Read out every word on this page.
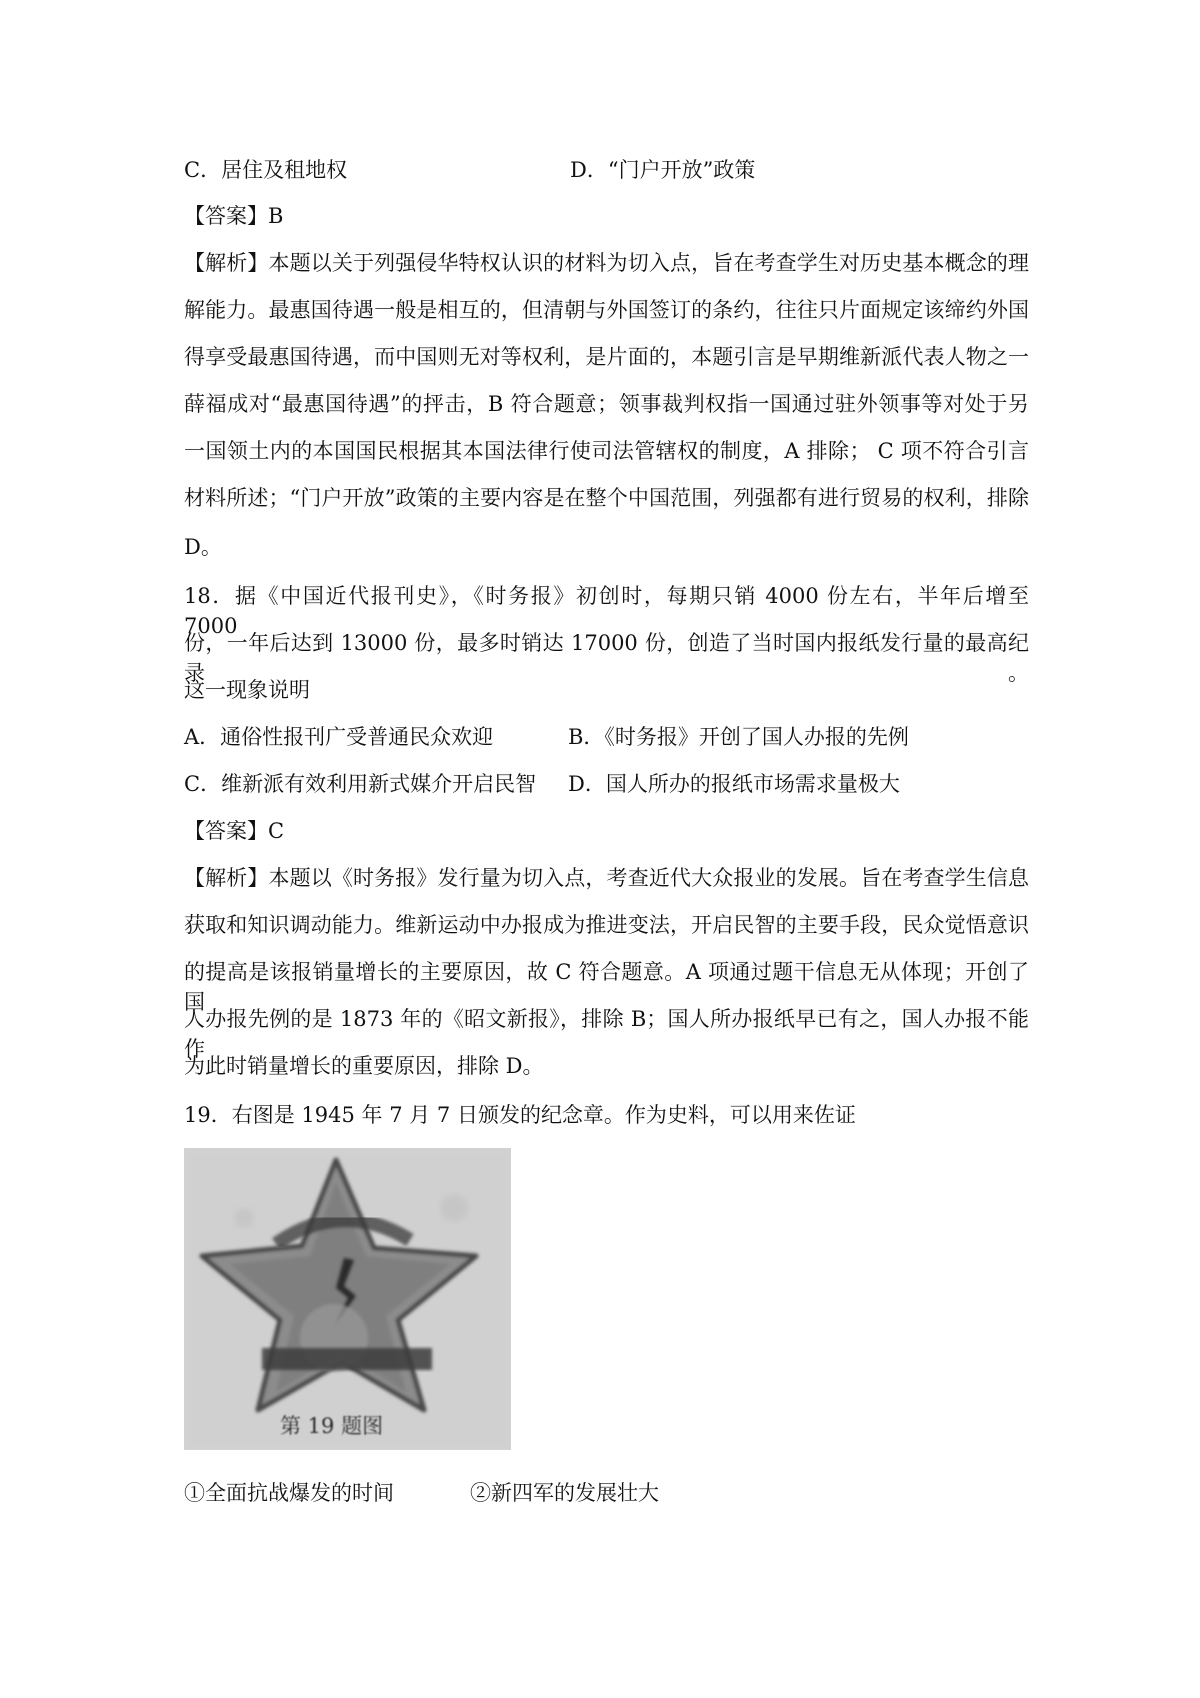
C．居住及租地权	D．“门户开放”政策
【答案】B
【解析】本题以关于列强侵华特权认识的材料为切入点，旨在考查学生对历史基本概念的理
解能力。最惠国待遇一般是相互的，但清朝与外国签订的条约，往往只片面规定该缔约外国
得享受最惠国待遇，而中国则无对等权利，是片面的，本题引言是早期维新派代表人物之一
薛福成对“最惠国待遇”的抨击，B 符合题意；领事裁判权指一国通过驻外领事等对处于另
一国领土内的本国国民根据其本国法律行使司法管辖权的制度，A 排除； C 项不符合引言
材料所述；“门户开放”政策的主要内容是在整个中国范围，列强都有进行贸易的权利，排除
D。
18．据《中国近代报刊史》，《时务报》初创时，每期只销 4000 份左右，半年后增至 7000
份，一年后达到 13000 份，最多时销达 17000 份，创造了当时国内报纸发行量的最高纪录。
这一现象说明
A．通俗性报刊广受普通民众欢迎	B．《时务报》开创了国人办报的先例
C．维新派有效利用新式媒介开启民智 D．国人所办的报纸市场需求量极大
【答案】C
【解析】本题以《时务报》发行量为切入点，考查近代大众报业的发展。旨在考查学生信息
获取和知识调动能力。维新运动中办报成为推进变法，开启民智的主要手段，民众觉悟意识
的提高是该报销量增长的主要原因，故 C 符合题意。A 项通过题干信息无从体现；开创了国
人办报先例的是 1873 年的《昭文新报》，排除 B；国人所办报纸早已有之，国人办报不能作
为此时销量增长的重要原因，排除 D。
19．右图是 1945 年 7 月 7 日颁发的纪念章。作为史料，可以用来佐证
第 19 题图
①全面抗战爆发的时间	②新四军的发展壮大
